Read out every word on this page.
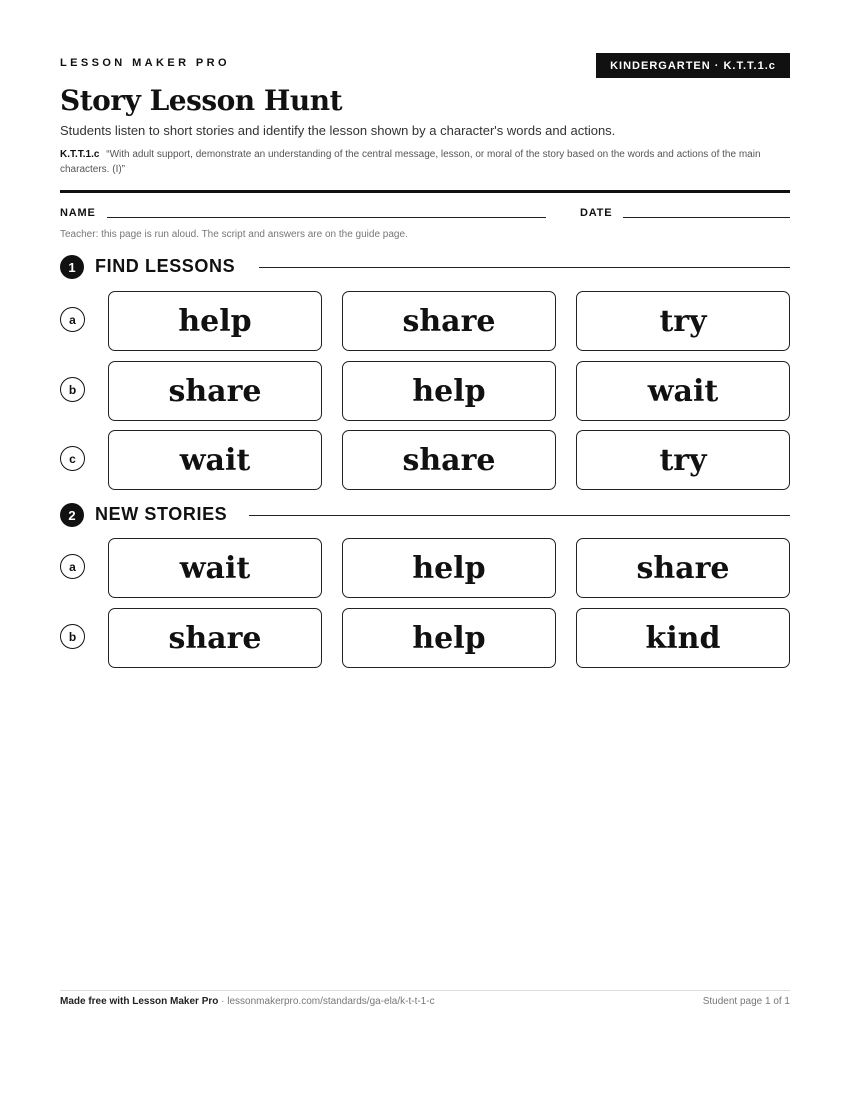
LESSON MAKER PRO	KINDERGARTEN · K.T.T.1.c
Story Lesson Hunt
Students listen to short stories and identify the lesson shown by a character's words and actions.
K.T.T.1.c “With adult support, demonstrate an understanding of the central message, lesson, or moral of the story based on the words and actions of the main characters. (I)”
NAME	DATE
Teacher: this page is run aloud. The script and answers are on the guide page.
1	FIND LESSONS
a	help	share	try
b	share	help	wait
c	wait	share	try
2	NEW STORIES
a	wait	help	share
b	share	help	kind
Made free with Lesson Maker Pro · lessonmakerpro.com/standards/ga-ela/k-t-t-1-c	Student page 1 of 1
